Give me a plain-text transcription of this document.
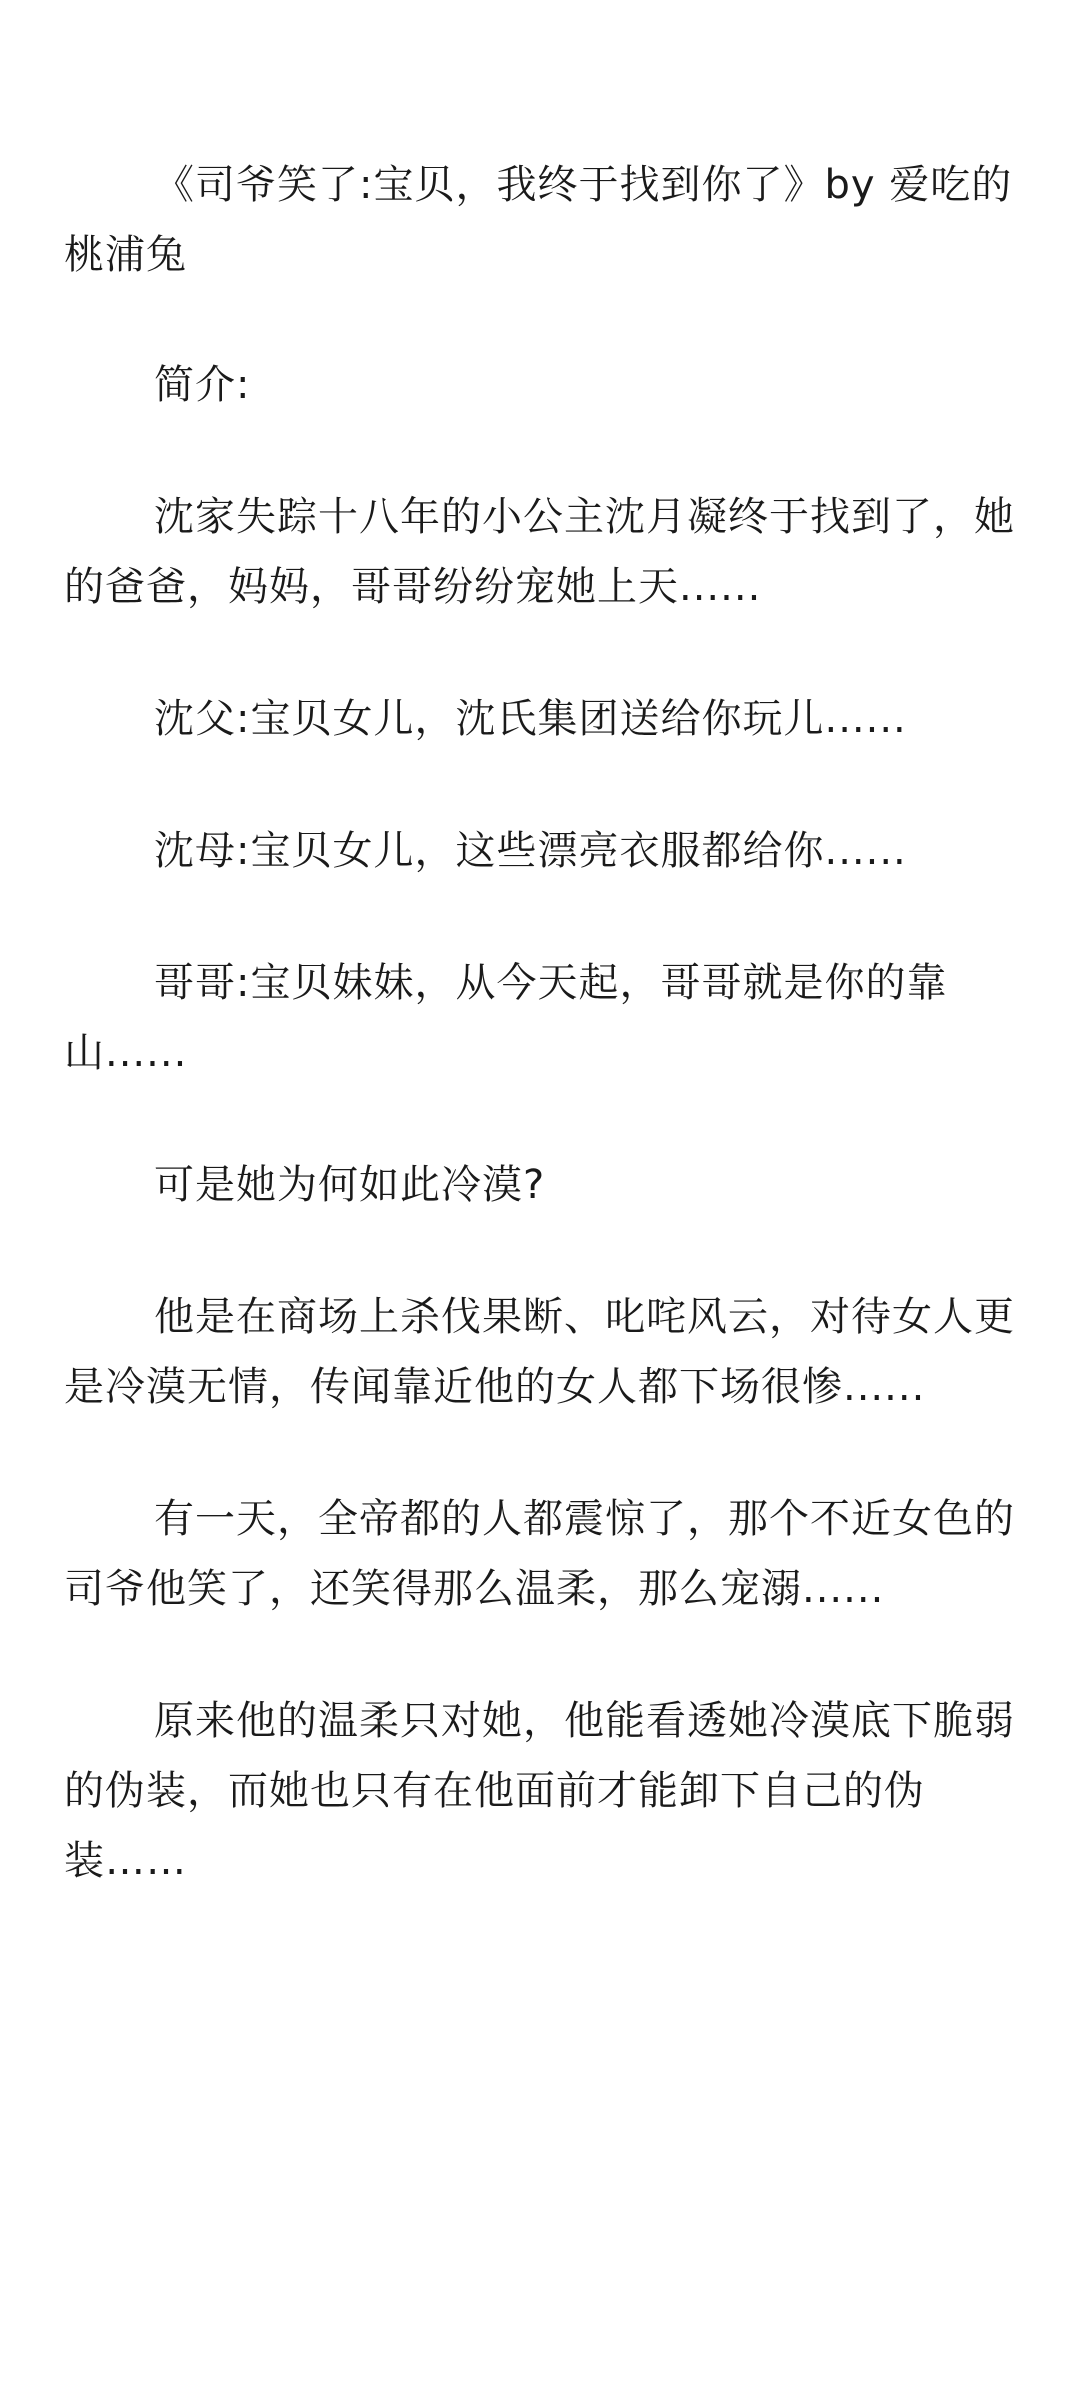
《司爷笑了:宝贝，我终于找到你了》by 爱吃的桃浦兔

简介:

沈家失踪十八年的小公主沈月凝终于找到了，她的爸爸，妈妈，哥哥纷纷宠她上天......

沈父:宝贝女儿，沈氏集团送给你玩儿......

沈母:宝贝女儿，这些漂亮衣服都给你......

哥哥:宝贝妹妹，从今天起，哥哥就是你的靠山......

可是她为何如此冷漠?

他是在商场上杀伐果断、叱咤风云，对待女人更是冷漠无情，传闻靠近他的女人都下场很惨......

有一天，全帝都的人都震惊了，那个不近女色的司爷他笑了，还笑得那么温柔，那么宠溺......

原来他的温柔只对她，他能看透她冷漠底下脆弱的伪装，而她也只有在他面前才能卸下自己的伪装……
